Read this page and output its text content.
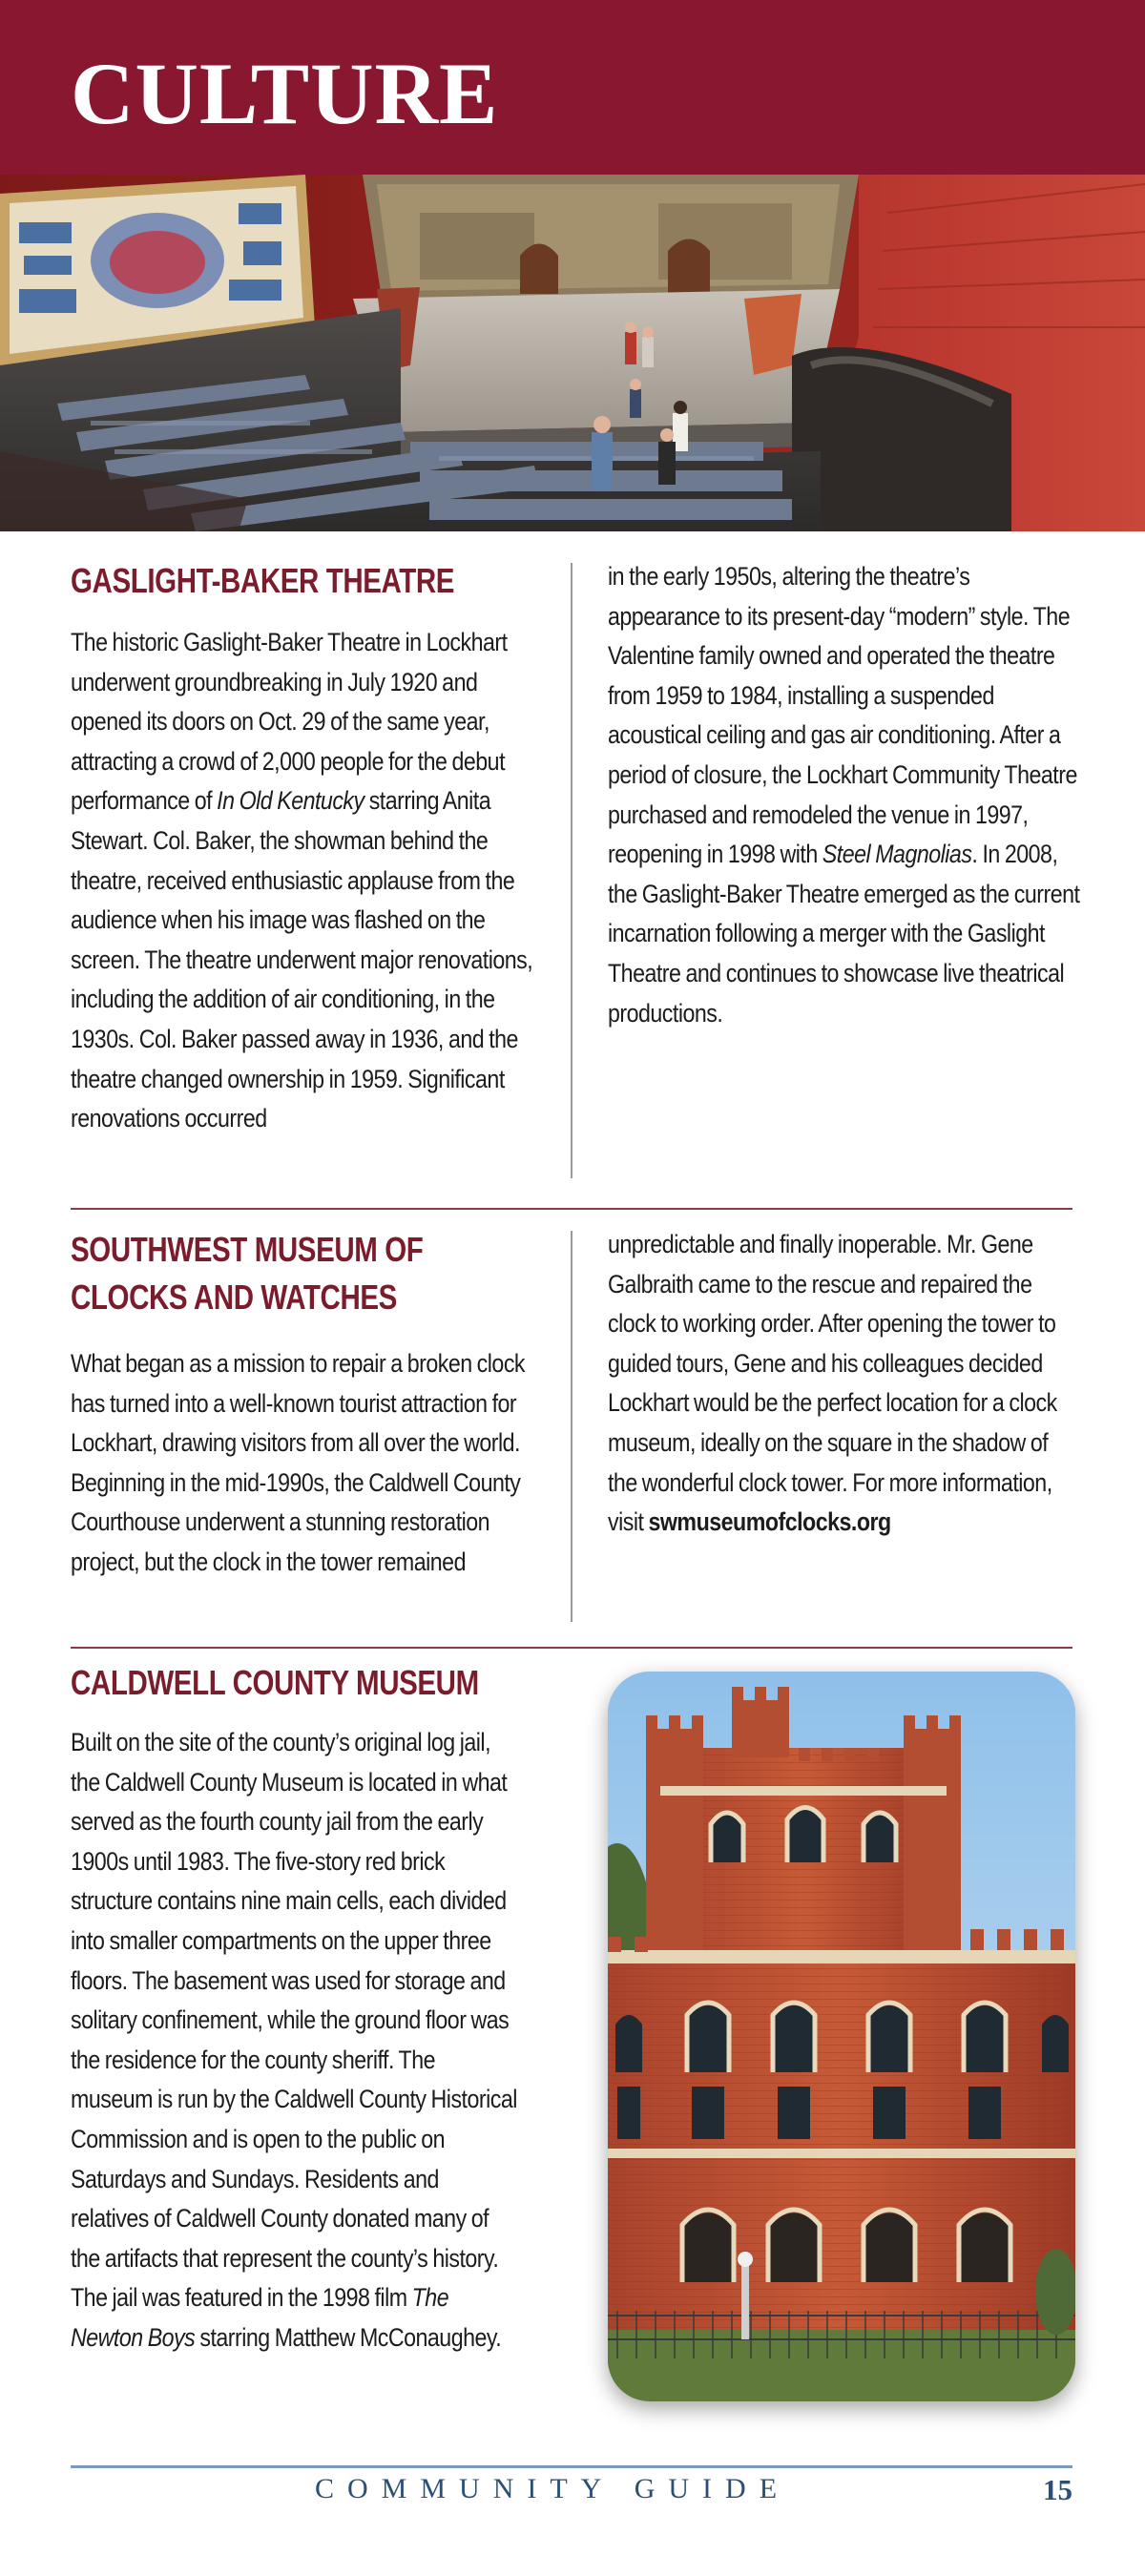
CULTURE
GASLIGHT-BAKER THEATRE
The historic Gaslight-Baker Theatre in Lockhart underwent groundbreaking in July 1920 and opened its doors on Oct. 29 of the same year, attracting a crowd of 2,000 people for the debut performance of In Old Kentucky starring Anita Stewart. Col. Baker, the showman behind the theatre, received enthusiastic applause from the audience when his image was flashed on the screen. The theatre underwent major renovations, including the addition of air conditioning, in the 1930s. Col. Baker passed away in 1936, and the theatre changed ownership in 1959. Significant renovations occurred
in the early 1950s, altering the theatre’s appearance to its present-day “modern” style. The Valentine family owned and operated the theatre from 1959 to 1984, installing a suspended acoustical ceiling and gas air conditioning. After a period of closure, the Lockhart Community Theatre purchased and remodeled the venue in 1997, reopening in 1998 with Steel Magnolias. In 2008, the Gaslight-Baker Theatre emerged as the current incarnation following a merger with the Gaslight Theatre and continues to showcase live theatrical productions.
SOUTHWEST MUSEUM OF
CLOCKS AND WATCHES
What began as a mission to repair a broken clock has turned into a well-known tourist attraction for Lockhart, drawing visitors from all over the world. Beginning in the mid-1990s, the Caldwell County Courthouse underwent a stunning restoration project, but the clock in the tower remained
unpredictable and finally inoperable. Mr. Gene Galbraith came to the rescue and repaired the clock to working order. After opening the tower to guided tours, Gene and his colleagues decided Lockhart would be the perfect location for a clock museum, ideally on the square in the shadow of the wonderful clock tower. For more information, visit swmuseumofclocks.org
CALDWELL COUNTY MUSEUM
Built on the site of the county’s original log jail, the Caldwell County Museum is located in what served as the fourth county jail from the early 1900s until 1983. The five-story red brick structure contains nine main cells, each divided into smaller compartments on the upper three floors. The basement was used for storage and solitary confinement, while the ground floor was the residence for the county sheriff. The museum is run by the Caldwell County Historical Commission and is open to the public on Saturdays and Sundays. Residents and relatives of Caldwell County donated many of the artifacts that represent the county’s history. The jail was featured in the 1998 film The Newton Boys starring Matthew McConaughey.
COMMUNITY GUIDE	15
